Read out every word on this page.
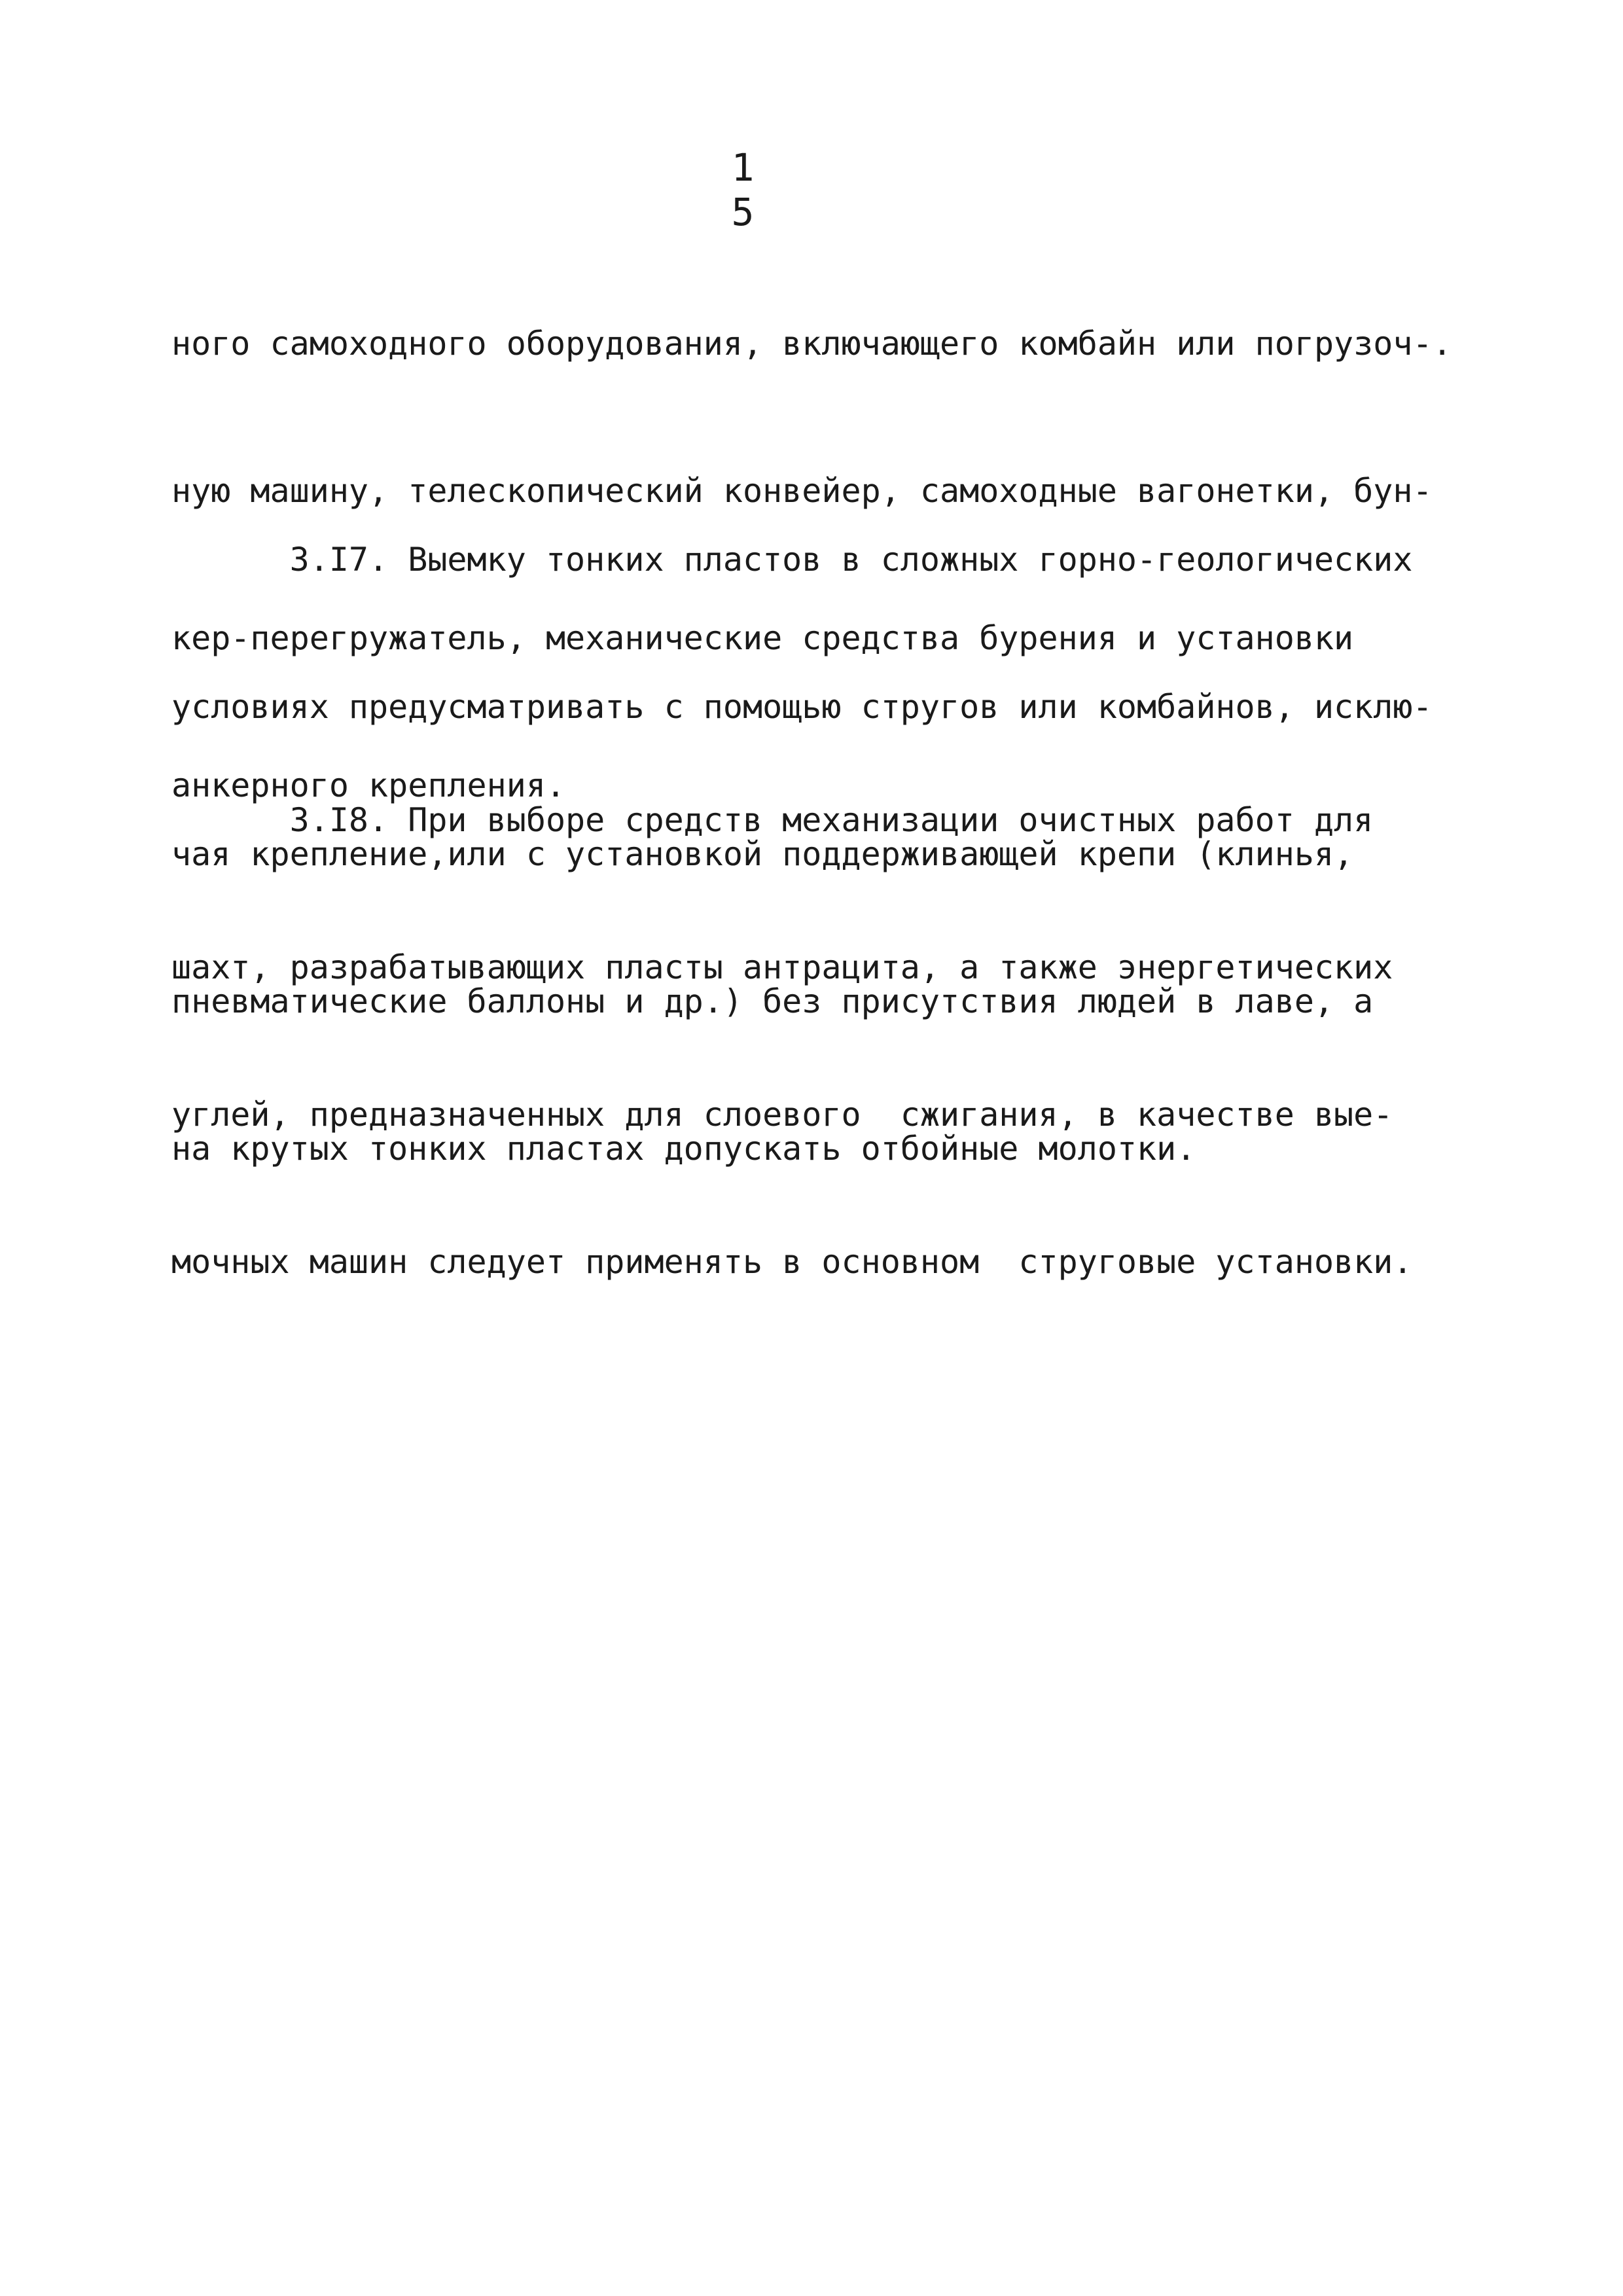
1 5

ного самоходного оборудования, включающего комбайн или погрузоч-.

ную машину, телескопический конвейер, самоходные вагонетки, бун-

кер-перегружатель, механические средства бурения и установки

анкерного крепления.

3.I7. Выемку тонких пластов в сложных горно-геологических

условиях предусматривать с помощью стругов или комбайнов, исклю-

чая крепление,или с установкой поддерживающей крепи (клинья,

пневматические баллоны и др.) без присутствия людей в лаве, а

на крутых тонких пластах допускать отбойные молотки.

3.I8. При выборе средств механизации очистных работ для

шахт, разрабатывающих пласты антрацита, а также энергетических

углей, предназначенных для слоевого  сжигания, в качестве вые-

мочных машин следует применять в основном  струговые установки.
